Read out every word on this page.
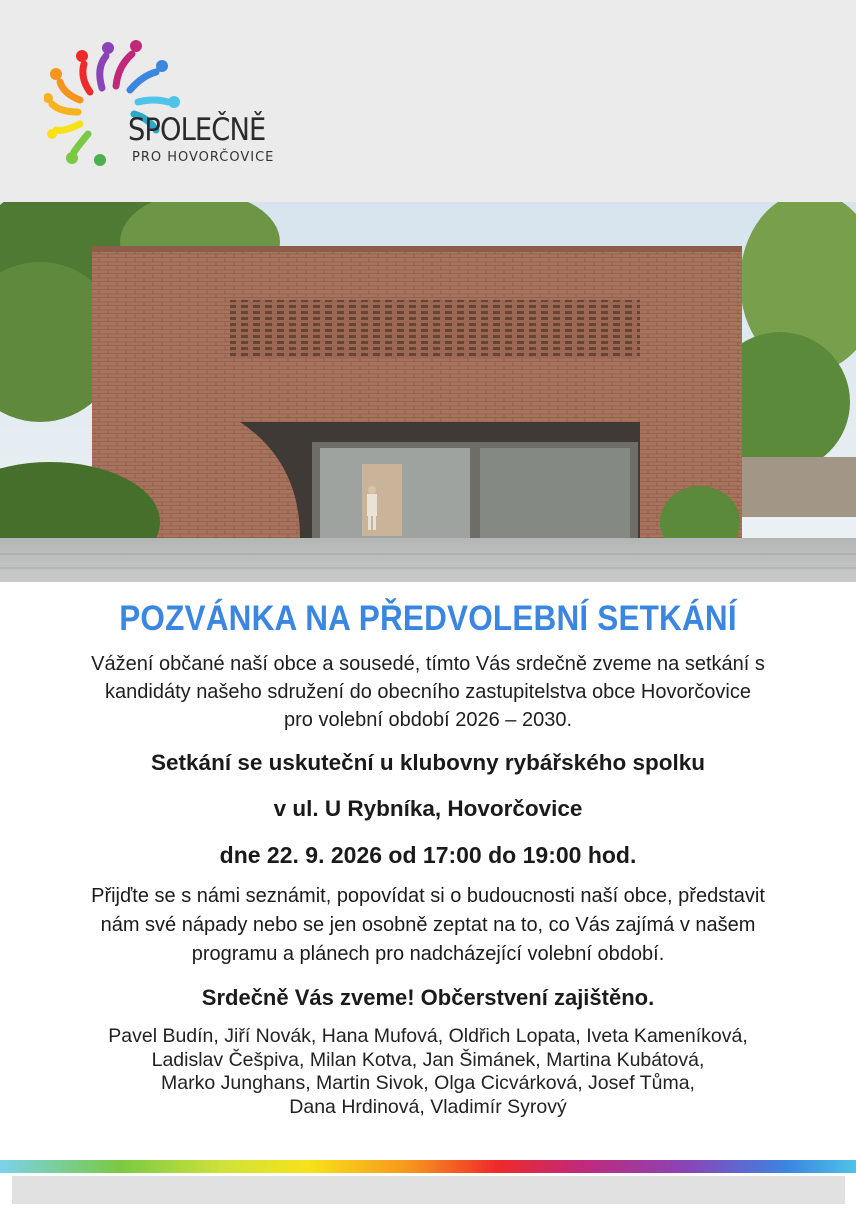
SPOLEČNĚ
PRO HOVORČOVICE
POZVÁNKA NA PŘEDVOLEBNÍ SETKÁNÍ
Vážení občané naší obce a sousedé, tímto Vás srdečně zveme na setkání s
kandidáty našeho sdružení do obecního zastupitelstva obce Hovorčovice
pro volební období 2026 – 2030.
Setkání se uskuteční u klubovny rybářského spolku
v ul. U Rybníka, Hovorčovice
dne 22. 9. 2026 od 17:00 do 19:00 hod.
Přijďte se s námi seznámit, popovídat si o budoucnosti naší obce, představit
nám své nápady nebo se jen osobně zeptat na to, co Vás zajímá v našem
programu a plánech pro nadcházející volební období.
Srdečně Vás zveme! Občerstvení zajištěno.
Pavel Budín, Jiří Novák, Hana Mufová, Oldřich Lopata, Iveta Kameníková,
Ladislav Češpiva, Milan Kotva, Jan Šimánek, Martina Kubátová,
Marko Junghans, Martin Sivok, Olga Cicvárková, Josef Tůma,
Dana Hrdinová, Vladimír Syrový
